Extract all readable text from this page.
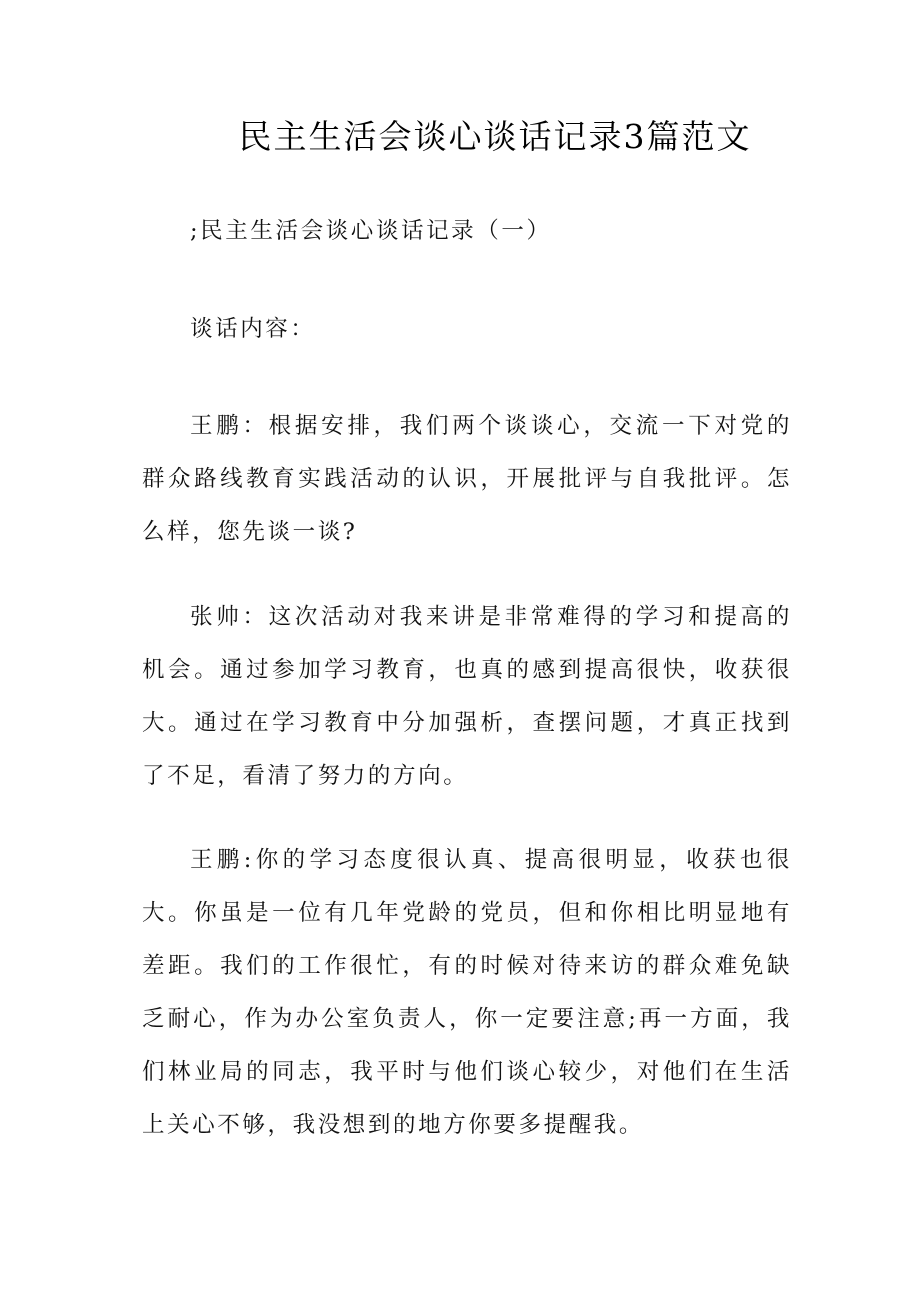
民主生活会谈心谈话记录3篇范文

;民主生活会谈心谈话记录（一）

谈话内容：

王鹏：根据安排，我们两个谈谈心，交流一下对党的群众路线教育实践活动的认识，开展批评与自我批评。怎么样，您先谈一谈?

张帅：这次活动对我来讲是非常难得的学习和提高的机会。通过参加学习教育，也真的感到提高很快，收获很大。通过在学习教育中分加强析，查摆问题，才真正找到了不足，看清了努力的方向。

王鹏:你的学习态度很认真、提高很明显，收获也很大。你虽是一位有几年党龄的党员，但和你相比明显地有差距。我们的工作很忙，有的时候对待来访的群众难免缺乏耐心，作为办公室负责人，你一定要注意;再一方面，我们林业局的同志，我平时与他们谈心较少，对他们在生活上关心不够，我没想到的地方你要多提醒我。
